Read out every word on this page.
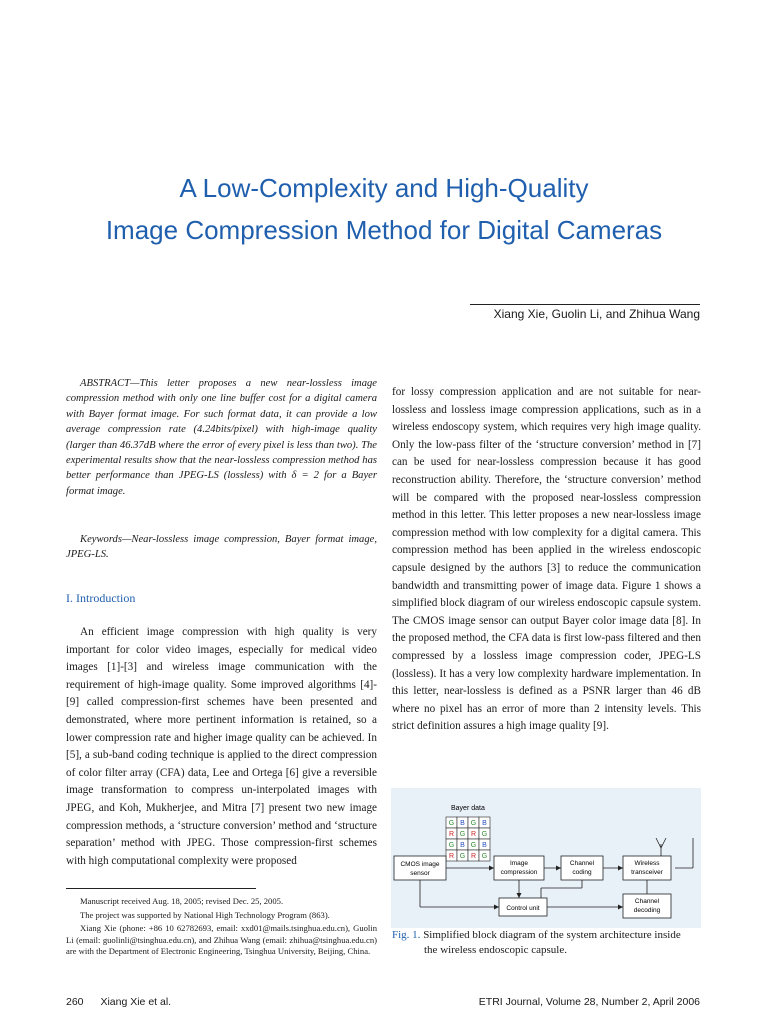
A Low-Complexity and High-Quality
Image Compression Method for Digital Cameras
Xiang Xie, Guolin Li, and Zhihua Wang
ABSTRACT—This letter proposes a new near-lossless image compression method with only one line buffer cost for a digital camera with Bayer format image. For such format data, it can provide a low average compression rate (4.24bits/pixel) with high-image quality (larger than 46.37dB where the error of every pixel is less than two). The experimental results show that the near-lossless compression method has better performance than JPEG-LS (lossless) with δ = 2 for a Bayer format image.
Keywords—Near-lossless image compression, Bayer format image, JPEG-LS.
I. Introduction
An efficient image compression with high quality is very important for color video images, especially for medical video images [1]-[3] and wireless image communication with the requirement of high-image quality. Some improved algorithms [4]-[9] called compression-first schemes have been presented and demonstrated, where more pertinent information is retained, so a lower compression rate and higher image quality can be achieved. In [5], a sub-band coding technique is applied to the direct compression of color filter array (CFA) data, Lee and Ortega [6] give a reversible image transformation to compress un-interpolated images with JPEG, and Koh, Mukherjee, and Mitra [7] present two new image compression methods, a ‘structure conversion’ method and ‘structure separation’ method with JPEG. Those compression-first schemes with high computational complexity were proposed
Manuscript received Aug. 18, 2005; revised Dec. 25, 2005.
The project was supported by National High Technology Program (863).
Xiang Xie (phone: +86 10 62782693, email: xxd01@mails.tsinghua.edu.cn), Guolin Li (email: guolinli@tsinghua.edu.cn), and Zhihua Wang (email: zhihua@tsinghua.edu.cn) are with the Department of Electronic Engineering, Tsinghua University, Beijing, China.
for lossy compression application and are not suitable for near-lossless and lossless image compression applications, such as in a wireless endoscopy system, which requires very high image quality. Only the low-pass filter of the ‘structure conversion’ method in [7] can be used for near-lossless compression because it has good reconstruction ability. Therefore, the ‘structure conversion’ method will be compared with the proposed near-lossless compression method in this letter. This letter proposes a new near-lossless image compression method with low complexity for a digital camera. This compression method has been applied in the wireless endoscopic capsule designed by the authors [3] to reduce the communication bandwidth and transmitting power of image data. Figure 1 shows a simplified block diagram of our wireless endoscopic capsule system. The CMOS image sensor can output Bayer color image data [8]. In the proposed method, the CFA data is first low-pass filtered and then compressed by a lossless image compression coder, JPEG-LS (lossless). It has a very low complexity hardware implementation. In this letter, near-lossless is defined as a PSNR larger than 46 dB where no pixel has an error of more than 2 intensity levels. This strict definition assures a high image quality [9].
Bayer data
G B G B
R G R G
G B G B
R G R G
CMOS image
sensor
Image
compression
Channel
coding
Wireless
transceiver
Control unit
Channel
decoding
Fig. 1. Simplified block diagram of the system architecture inside
the wireless endoscopic capsule.
260 Xiang Xie et al.	ETRI Journal, Volume 28, Number 2, April 2006
